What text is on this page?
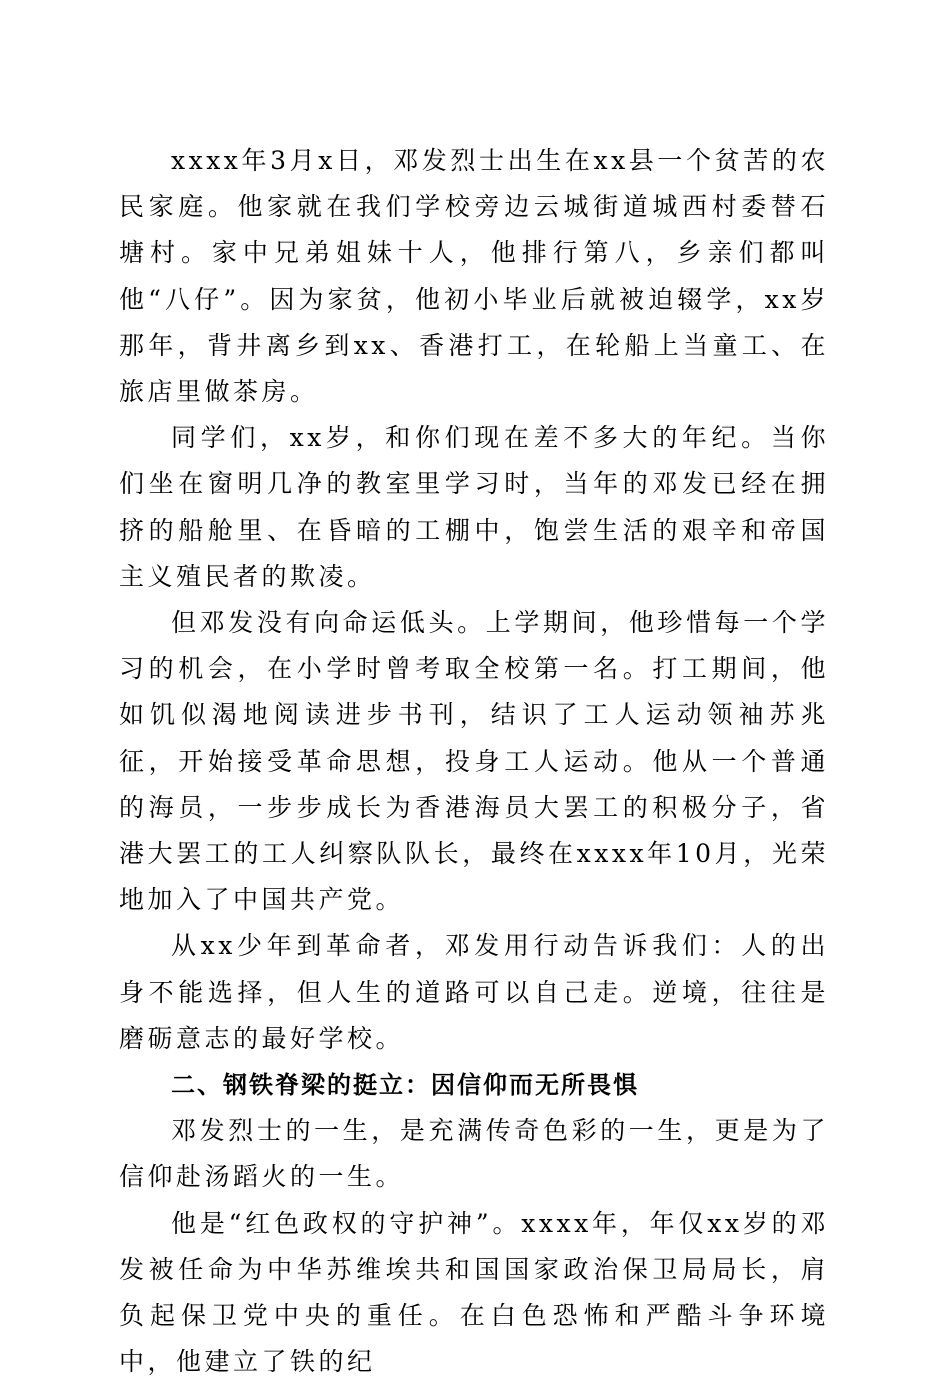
xxxx年3月x日，邓发烈士出生在xx县一个贫苦的农民家庭。他家就在我们学校旁边云城街道城西村委替石塘村。家中兄弟姐妹十人，他排行第八，乡亲们都叫他“八仔”。因为家贫，他初小毕业后就被迫辍学，xx岁那年，背井离乡到xx、香港打工，在轮船上当童工、在旅店里做茶房。

同学们，xx岁，和你们现在差不多大的年纪。当你们坐在窗明几净的教室里学习时，当年的邓发已经在拥挤的船舱里、在昏暗的工棚中，饱尝生活的艰辛和帝国主义殖民者的欺凌。

但邓发没有向命运低头。上学期间，他珍惜每一个学习的机会，在小学时曾考取全校第一名。打工期间，他如饥似渴地阅读进步书刊，结识了工人运动领袖苏兆征，开始接受革命思想，投身工人运动。他从一个普通的海员，一步步成长为香港海员大罢工的积极分子，省港大罢工的工人纠察队队长，最终在xxxx年10月，光荣地加入了中国共产党。

从xx少年到革命者，邓发用行动告诉我们：人的出身不能选择，但人生的道路可以自己走。逆境，往往是磨砺意志的最好学校。

二、钢铁脊梁的挺立：因信仰而无所畏惧

邓发烈士的一生，是充满传奇色彩的一生，更是为了信仰赴汤蹈火的一生。

他是“红色政权的守护神”。xxxx年，年仅xx岁的邓发被任命为中华苏维埃共和国国家政治保卫局局长，肩负起保卫党中央的重任。在白色恐怖和严酷斗争环境中，他建立了铁的纪
